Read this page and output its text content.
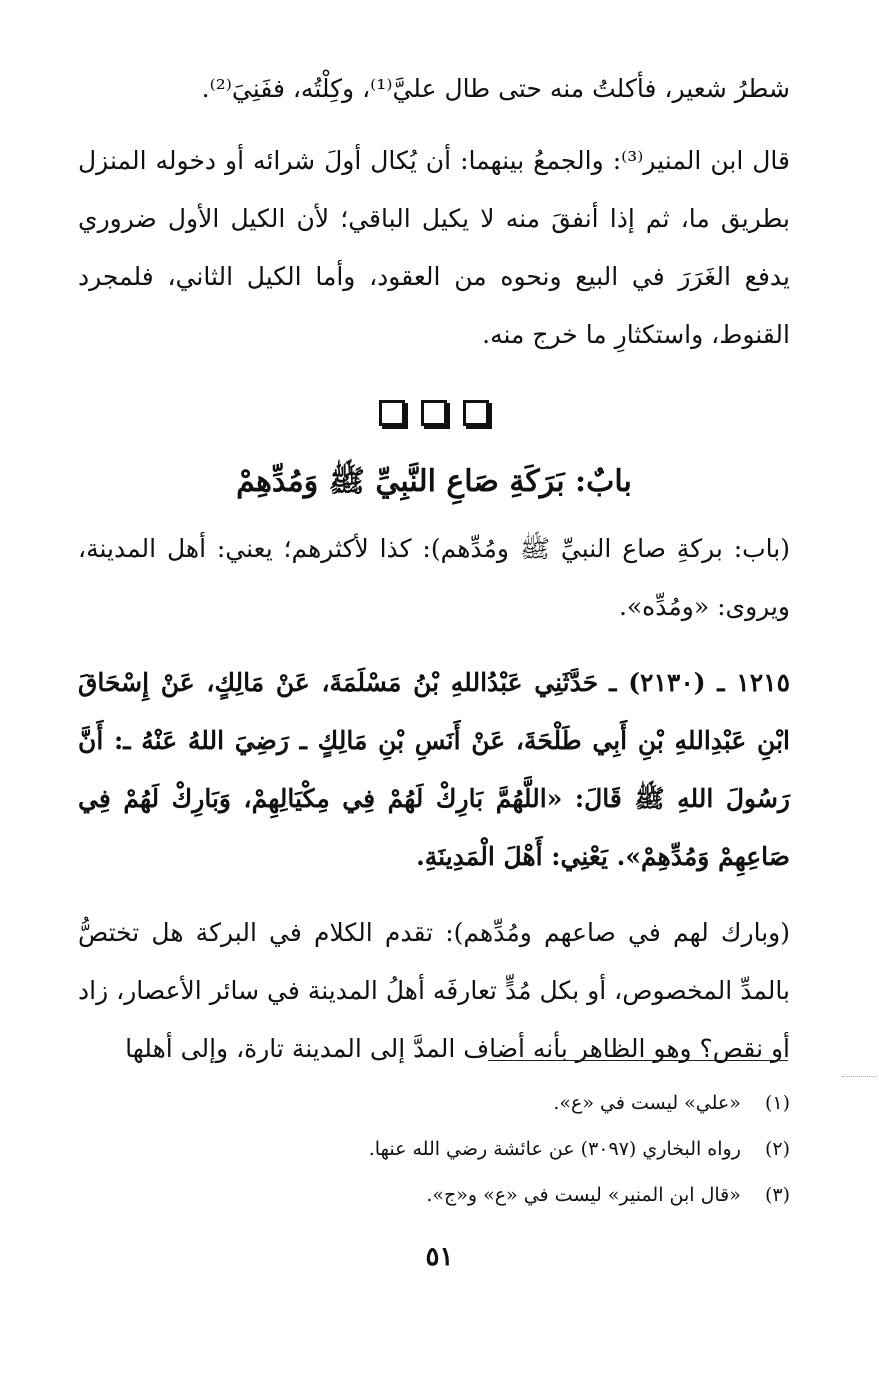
شطرُ شعير، فأكلتُ منه حتى طال عليَّ⁽¹⁾، وكِلْتُه، ففَنِيَ⁽²⁾.

قال ابن المنير⁽³⁾: والجمعُ بينهما: أن يُكال أولَ شرائه أو دخوله المنزل بطريق ما، ثم إذا أنفقَ منه لا يكيل الباقي؛ لأن الكيل الأول ضروري يدفع الغَرَرَ في البيع ونحوه من العقود، وأما الكيل الثاني، فلمجرد القنوط، واستكثارِ ما خرج منه.

بابٌ: بَرَكَةِ صَاعِ النَّبِيِّ ﷺ وَمُدِّهِمْ

(باب: بركةِ صاع النبيِّ ﷺ ومُدِّهم): كذا لأكثرهم؛ يعني: أهل المدينة، ويروى: «ومُدِّه».

١٢١٥ ـ (٢١٣٠) ـ حَدَّثَنِي عَبْدُاللهِ بْنُ مَسْلَمَةَ، عَنْ مَالِكٍ، عَنْ إِسْحَاقَ ابْنِ عَبْدِاللهِ بْنِ أَبِي طَلْحَةَ، عَنْ أَنَسِ بْنِ مَالِكٍ ـ رَضِيَ اللهُ عَنْهُ ـ: أَنَّ رَسُولَ اللهِ ﷺ قَالَ: «اللَّهُمَّ بَارِكْ لَهُمْ فِي مِكْيَالِهِمْ، وَبَارِكْ لَهُمْ فِي صَاعِهِمْ وَمُدِّهِمْ». يَعْنِي: أَهْلَ الْمَدِينَةِ.

(وبارك لهم في صاعهم ومُدِّهم): تقدم الكلام في البركة هل تختصُّ بالمدِّ المخصوص، أو بكل مُدٍّ تعارفَه أهلُ المدينة في سائر الأعصار، زاد أو نقص؟ وهو الظاهر بأنه أضاف المدَّ إلى المدينة تارة، وإلى أهلها

(١) «علي» ليست في «ع».
(٢) رواه البخاري (٣٠٩٧) عن عائشة رضي الله عنها.
(٣) «قال ابن المنير» ليست في «ع» و«ج».
٥١
